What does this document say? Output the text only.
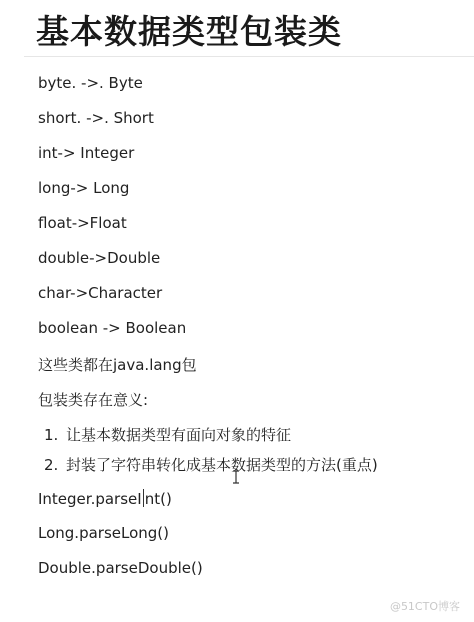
基本数据类型包装类
byte. ->. Byte
short. ->. Short
int-> Integer
long-> Long
float->Float
double->Double
char->Character
boolean -> Boolean
这些类都在java.lang包
包装类存在意义:
1. 让基本数据类型有面向对象的特征
2. 封装了字符串转化成基本数据类型的方法(重点)
Integer.parseI nt()
Long.parseLong()
Double.parseDouble()
@51CTO博客
